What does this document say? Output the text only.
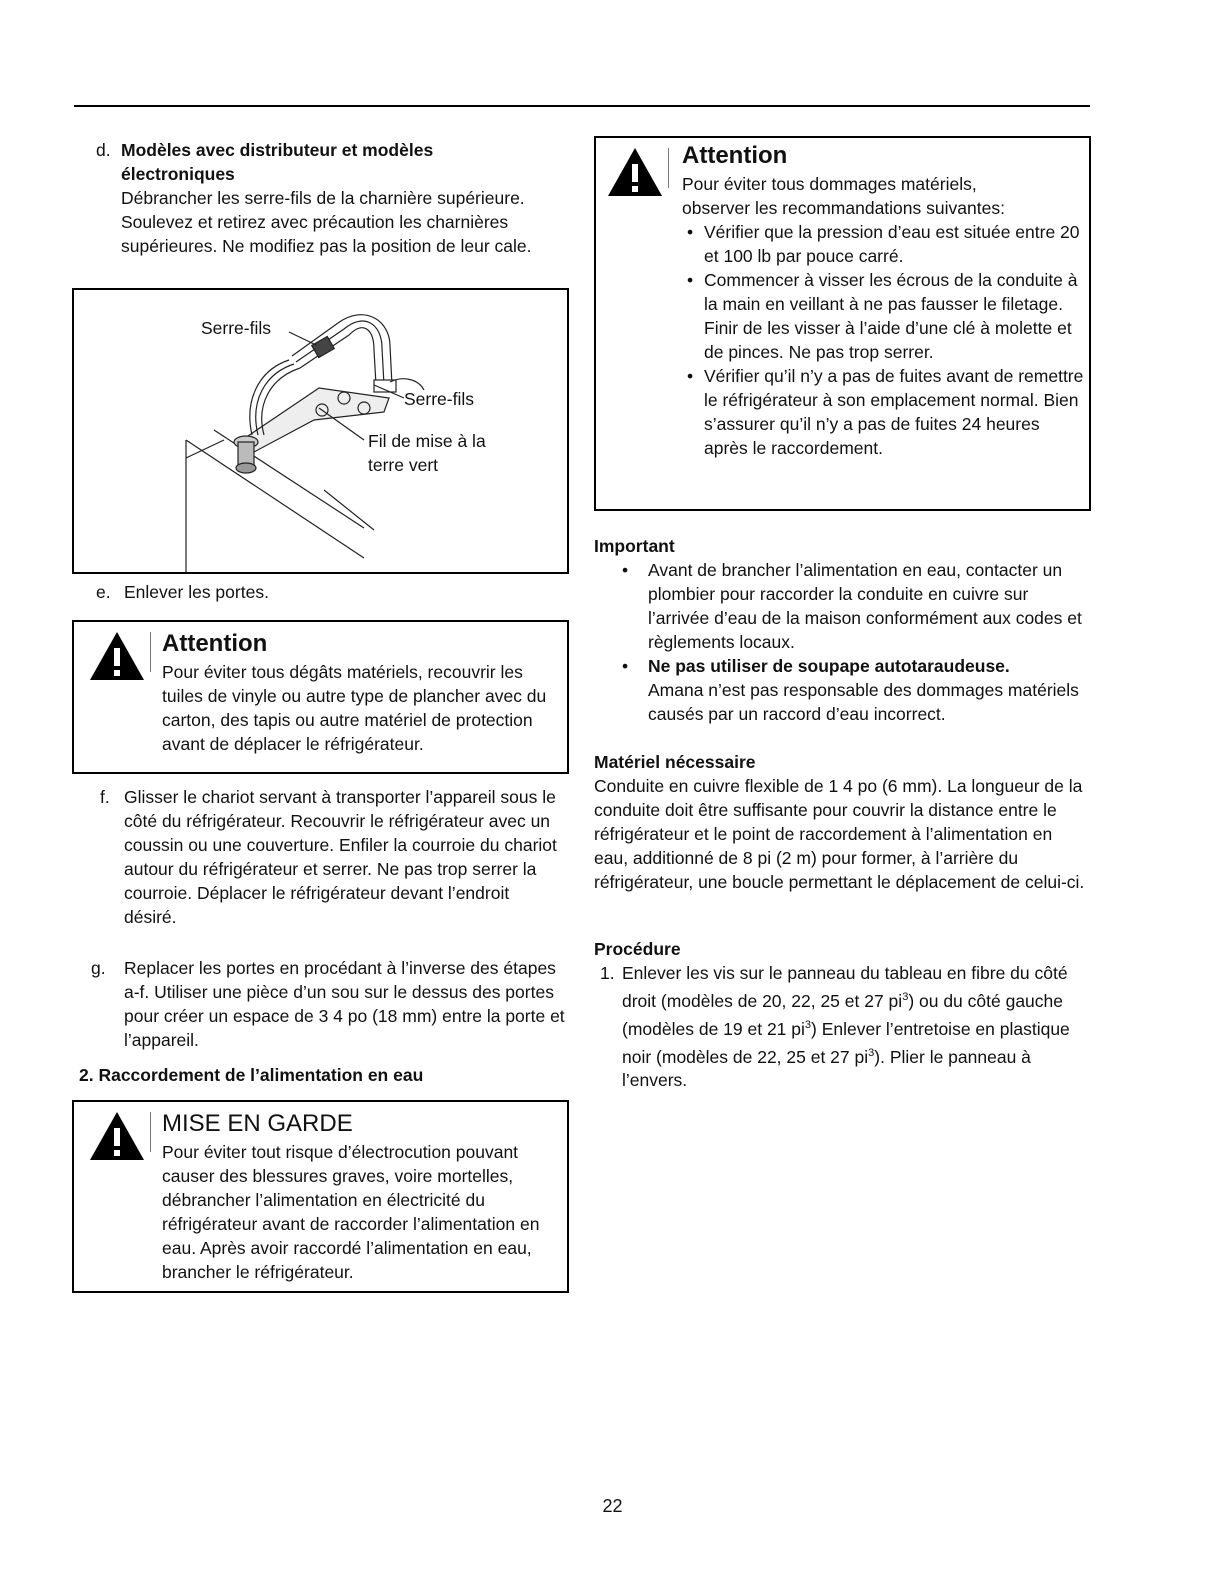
d. Modèles avec distributeur et modèles électroniques

Débrancher les serre-fils de la charnière supérieure. Soulevez et retirez avec précaution les charnières supérieures. Ne modifiez pas la position de leur cale.

Serre-fils
Serre-fils
Fil de mise à la terre vert
e. Enlever les portes.

Attention

Pour éviter tous dégâts matériels, recouvrir les tuiles de vinyle ou autre type de plancher avec du carton, des tapis ou autre matériel de protection avant de déplacer le réfrigérateur.

f. Glisser le chariot servant à transporter l’appareil sous le côté du réfrigérateur. Recouvrir le réfrigérateur avec un coussin ou une couverture. Enfiler la courroie du chariot autour du réfrigérateur et serrer. Ne pas trop serrer la courroie. Déplacer le réfrigérateur devant l’endroit désiré.

g. Replacer les portes en procédant à l’inverse des étapes a-f. Utiliser une pièce d’un sou sur le dessus des portes pour créer un espace de 3 4 po (18 mm) entre la porte et l’appareil.

2. Raccordement de l’alimentation en eau

MISE EN GARDE

Pour éviter tout risque d’électrocution pouvant causer des blessures graves, voire mortelles, débrancher l’alimentation en électricité du réfrigérateur avant de raccorder l’alimentation en eau. Après avoir raccordé l’alimentation en eau, brancher le réfrigérateur.

Attention

Pour éviter tous dommages matériels, observer les recommandations suivantes:

• Vérifier que la pression d’eau est située entre 20 et 100 lb par pouce carré.
• Commencer à visser les écrous de la conduite à la main en veillant à ne pas fausser le filetage. Finir de les visser à l’aide d’une clé à molette et de pinces. Ne pas trop serrer.
• Vérifier qu’il n’y a pas de fuites avant de remettre le réfrigérateur à son emplacement normal. Bien s’assurer qu’il n’y a pas de fuites 24 heures après le raccordement.

Important

• Avant de brancher l’alimentation en eau, contacter un plombier pour raccorder la conduite en cuivre sur l’arrivée d’eau de la maison conformément aux codes et règlements locaux.
• Ne pas utiliser de soupape autotaraudeuse.
Amana n’est pas responsable des dommages matériels causés par un raccord d’eau incorrect.

Matériel nécessaire

Conduite en cuivre flexible de 1 4 po (6 mm). La longueur de la conduite doit être suffisante pour couvrir la distance entre le réfrigérateur et le point de raccordement à l’alimentation en eau, additionné de 8 pi (2 m) pour former, à l’arrière du réfrigérateur, une boucle permettant le déplacement de celui-ci.

Procédure

1. Enlever les vis sur le panneau du tableau en fibre du côté droit (modèles de 20, 22, 25 et 27 $pi^3$) ou du côté gauche (modèles de 19 et 21 $pi^3$) Enlever l’entretoise en plastique noir (modèles de 22, 25 et 27 $pi^3$). Plier le panneau à l’envers.

22
